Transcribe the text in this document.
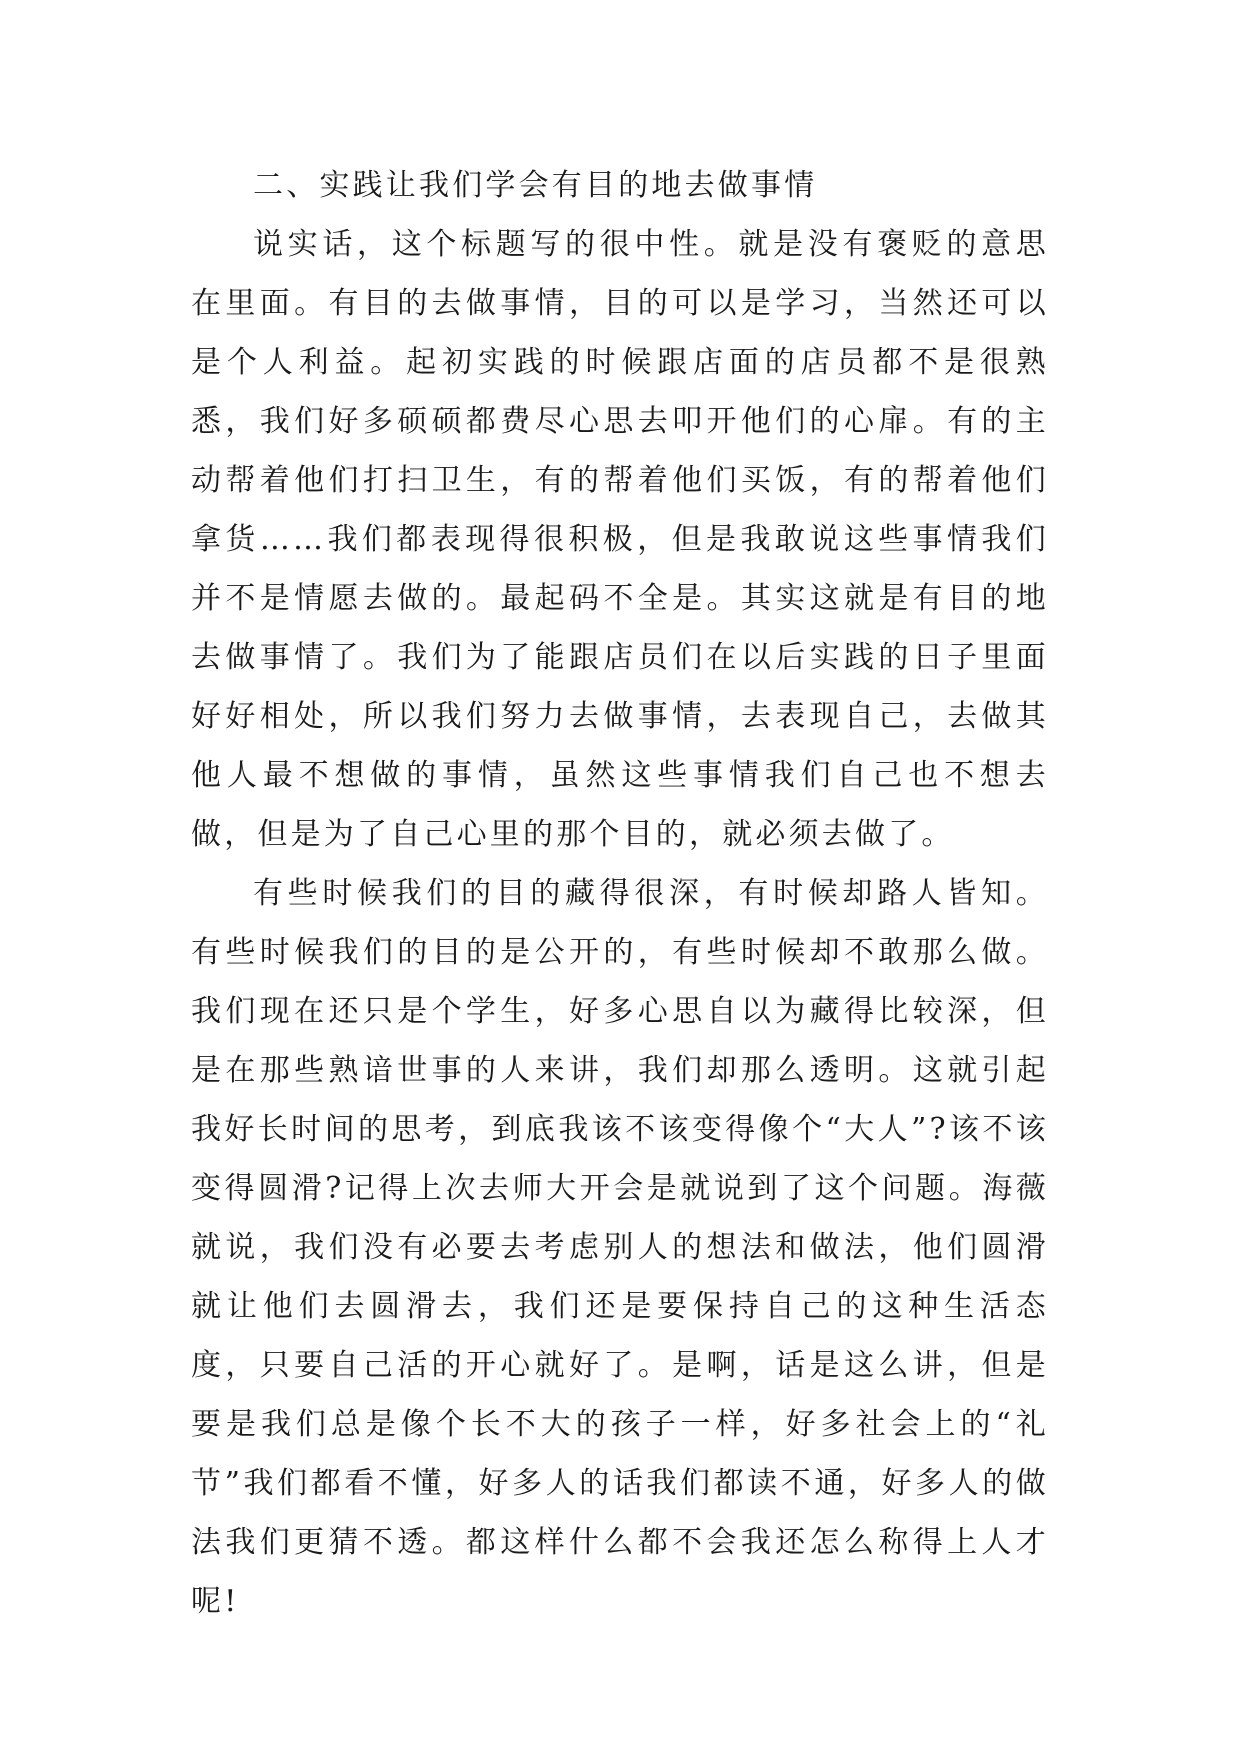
二、实践让我们学会有目的地去做事情

说实话，这个标题写的很中性。就是没有褒贬的意思在里面。有目的去做事情，目的可以是学习，当然还可以是个人利益。起初实践的时候跟店面的店员都不是很熟悉，我们好多硕硕都费尽心思去叩开他们的心扉。有的主动帮着他们打扫卫生，有的帮着他们买饭，有的帮着他们拿货……我们都表现得很积极，但是我敢说这些事情我们并不是情愿去做的。最起码不全是。其实这就是有目的地去做事情了。我们为了能跟店员们在以后实践的日子里面好好相处，所以我们努力去做事情，去表现自己，去做其他人最不想做的事情，虽然这些事情我们自己也不想去做，但是为了自己心里的那个目的，就必须去做了。

有些时候我们的目的藏得很深，有时候却路人皆知。有些时候我们的目的是公开的，有些时候却不敢那么做。我们现在还只是个学生，好多心思自以为藏得比较深，但是在那些熟谙世事的人来讲，我们却那么透明。这就引起我好长时间的思考，到底我该不该变得像个“大人”?该不该变得圆滑?记得上次去师大开会是就说到了这个问题。海薇就说，我们没有必要去考虑别人的想法和做法，他们圆滑就让他们去圆滑去，我们还是要保持自己的这种生活态度，只要自己活的开心就好了。是啊，话是这么讲，但是要是我们总是像个长不大的孩子一样，好多社会上的“礼节”我们都看不懂，好多人的话我们都读不通，好多人的做法我们更猜不透。都这样什么都不会我还怎么称得上人才呢!
